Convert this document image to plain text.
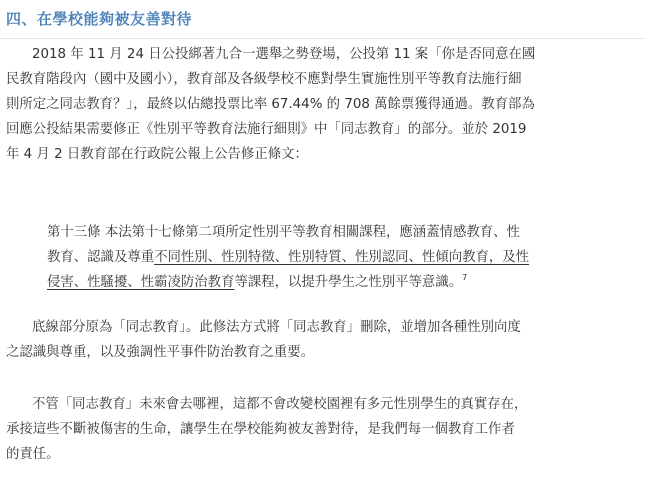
四、在學校能夠被友善對待

2018 年 11 月 24 日公投綁著九合一選舉之勢登場，公投第 11 案「你是否同意在國
民教育階段內（國中及國小），教育部及各級學校不應對學生實施性別平等教育法施行細
則所定之同志教育？」，最終以佔總投票比率 67.44% 的 708 萬餘票獲得通過。教育部為
回應公投結果需要修正《性別平等教育法施行細則》中「同志教育」的部分。並於 2019
年 4 月 2 日教育部在行政院公報上公告修正條文：

第十三條 本法第十七條第二項所定性別平等教育相關課程，應涵蓋情感教育、性
教育、認識及尊重不同性別、性別特徵、性別特質、性別認同、性傾向教育，及性
侵害、性騷擾、性霸凌防治教育等課程，以提升學生之性別平等意識。$^7$

底線部分原為「同志教育」。此修法方式將「同志教育」刪除，並增加各種性別向度
之認識與尊重，以及強調性平事件防治教育之重要。

不管「同志教育」未來會去哪裡，這都不會改變校園裡有多元性別學生的真實存在，
承接這些不斷被傷害的生命，讓學生在學校能夠被友善對待，是我們每一個教育工作者
的責任。
